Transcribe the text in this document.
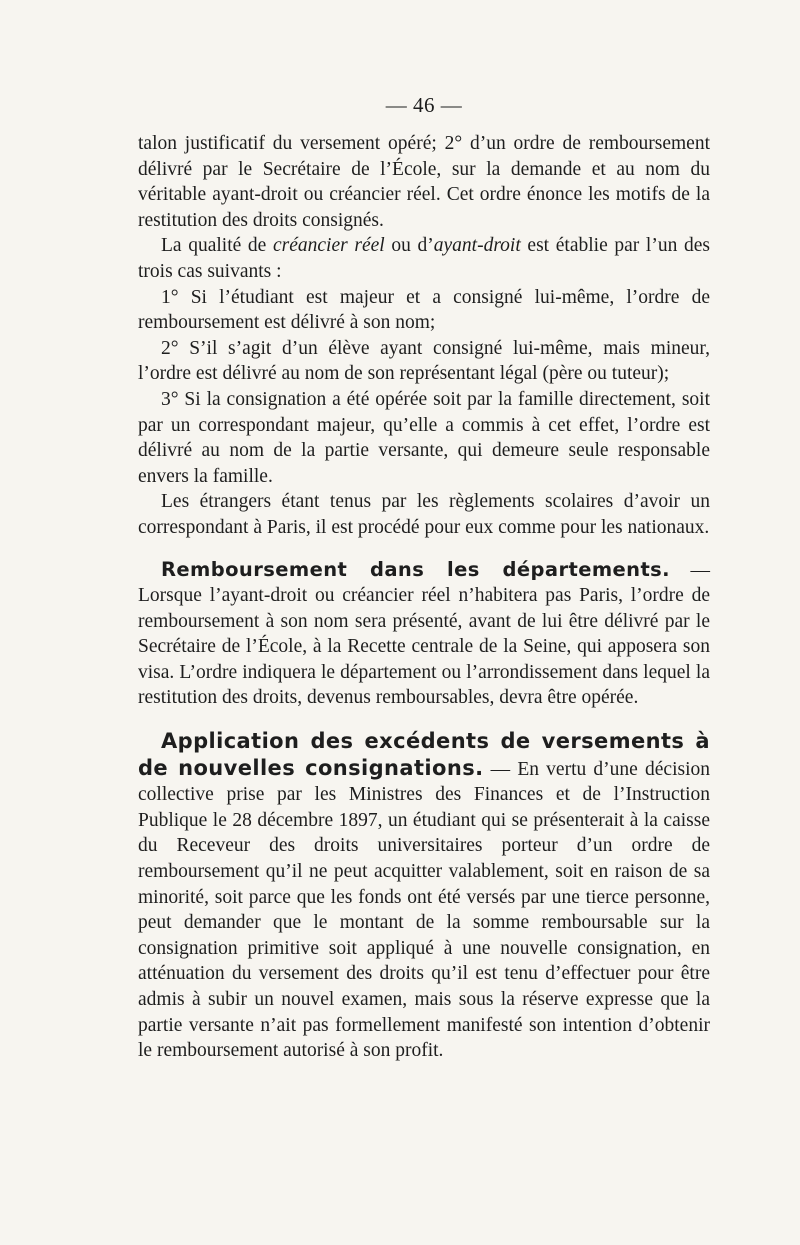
— 46 —

talon justificatif du versement opéré; 2° d’un ordre de remboursement délivré par le Secrétaire de l’École, sur la demande et au nom du véritable ayant-droit ou créancier réel. Cet ordre énonce les motifs de la restitution des droits consignés.

La qualité de créancier réel ou d’ayant-droit est établie par l’un des trois cas suivants :

1° Si l’étudiant est majeur et a consigné lui-même, l’ordre de remboursement est délivré à son nom;

2° S’il s’agit d’un élève ayant consigné lui-même, mais mineur, l’ordre est délivré au nom de son représentant légal (père ou tuteur);

3° Si la consignation a été opérée soit par la famille directement, soit par un correspondant majeur, qu’elle a commis à cet effet, l’ordre est délivré au nom de la partie versante, qui demeure seule responsable envers la famille.

Les étrangers étant tenus par les règlements scolaires d’avoir un correspondant à Paris, il est procédé pour eux comme pour les nationaux.

Remboursement dans les départements. — Lorsque l’ayant-droit ou créancier réel n’habitera pas Paris, l’ordre de remboursement à son nom sera présenté, avant de lui être délivré par le Secrétaire de l’École, à la Recette centrale de la Seine, qui apposera son visa. L’ordre indiquera le département ou l’arrondissement dans lequel la restitution des droits, devenus remboursables, devra être opérée.

Application des excédents de versements à de nouvelles consignations. — En vertu d’une décision collective prise par les Ministres des Finances et de l’Instruction Publique le 28 décembre 1897, un étudiant qui se présenterait à la caisse du Receveur des droits universitaires porteur d’un ordre de remboursement qu’il ne peut acquitter valablement, soit en raison de sa minorité, soit parce que les fonds ont été versés par une tierce personne, peut demander que le montant de la somme remboursable sur la consignation primitive soit appliqué à une nouvelle consignation, en atténuation du versement des droits qu’il est tenu d’effectuer pour être admis à subir un nouvel examen, mais sous la réserve expresse que la partie versante n’ait pas formellement manifesté son intention d’obtenir le remboursement autorisé à son profit.
